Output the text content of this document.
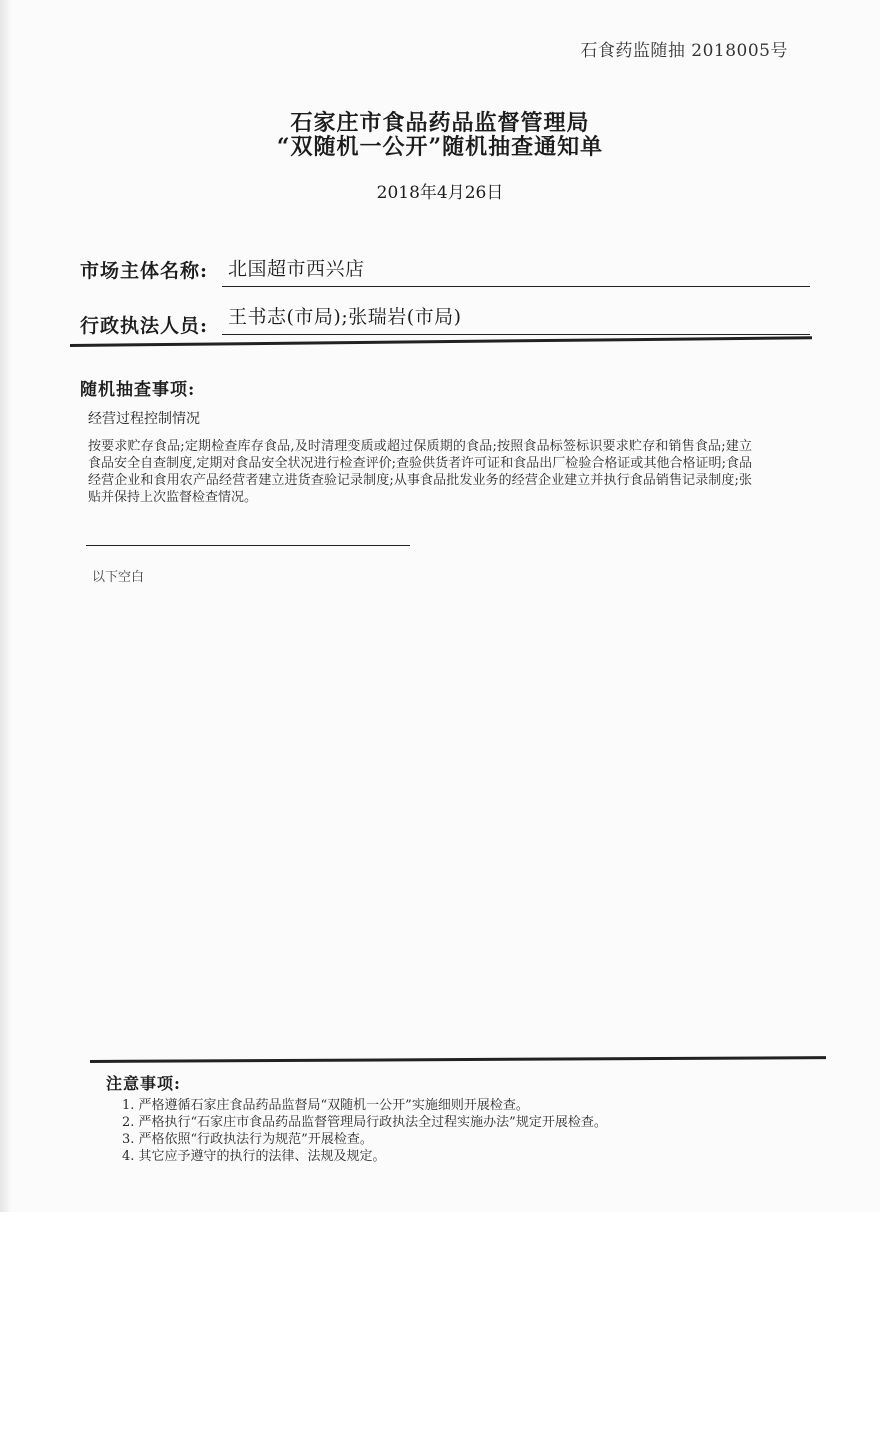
石食药监随抽 2018005号
石家庄市食品药品监督管理局
“双随机一公开”随机抽查通知单
2018年4月26日
市场主体名称: 北国超市西兴店
行政执法人员: 王书志(市局);张瑞岩(市局)
随机抽查事项:
经营过程控制情况
按要求贮存食品;定期检查库存食品,及时清理变质或超过保质期的食品;按照食品标签标识要求贮存和销售食品;建立食品安全自查制度,定期对食品安全状况进行检查评价;查验供货者许可证和食品出厂检验合格证或其他合格证明;食品经营企业和食用农产品经营者建立进货查验记录制度;从事食品批发业务的经营企业建立并执行食品销售记录制度;张贴并保持上次监督检查情况。
以下空白
注意事项:
1. 严格遵循石家庄食品药品监督局“双随机一公开”实施细则开展检查。
2. 严格执行“石家庄市食品药品监督管理局行政执法全过程实施办法”规定开展检查。
3. 严格依照“行政执法行为规范”开展检查。
4. 其它应予遵守的执行的法律、法规及规定。
